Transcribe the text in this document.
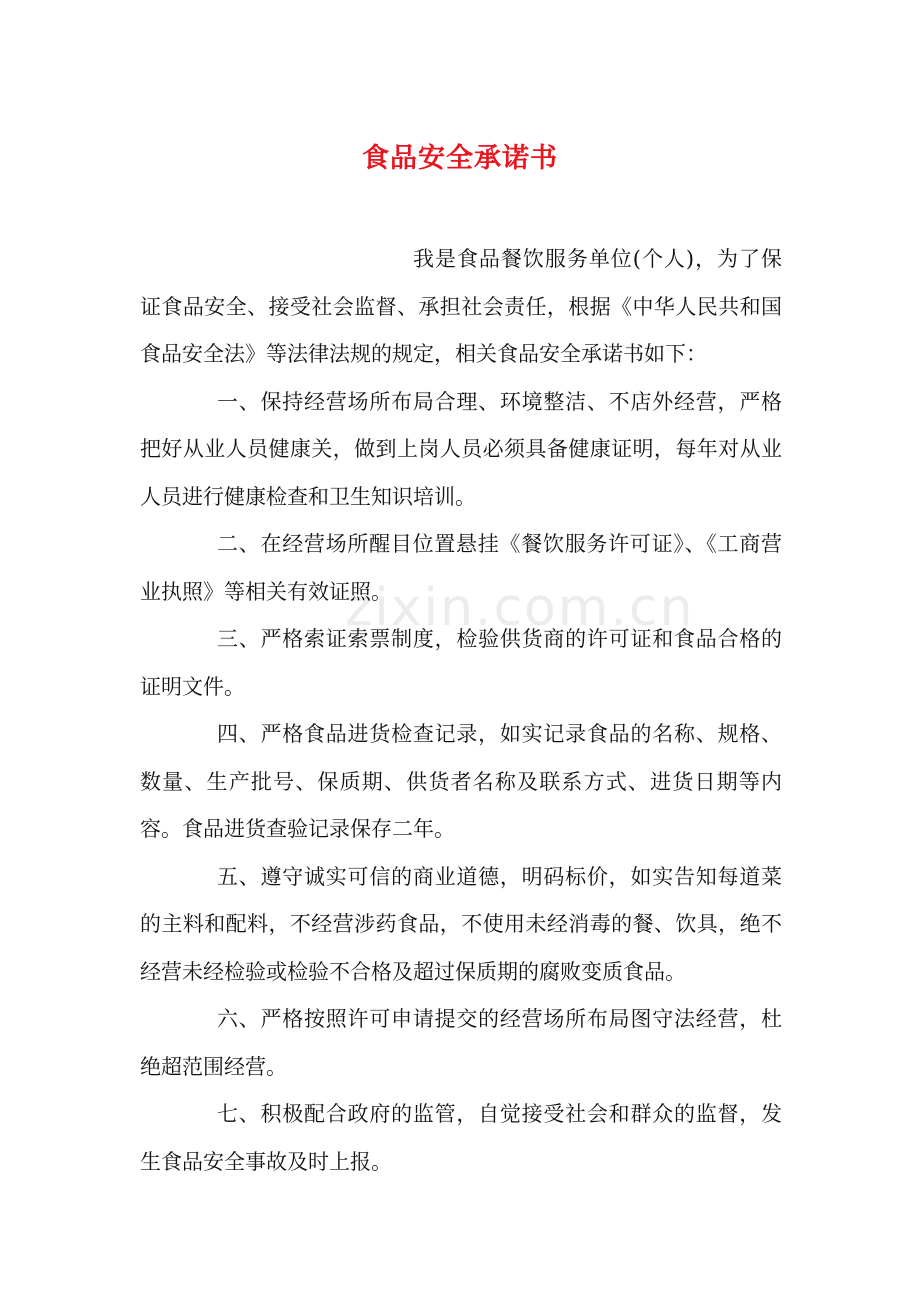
zixin.com.cn
食品安全承诺书

我是食品餐饮服务单位(个人)，为了保证食品安全、接受社会监督、承担社会责任，根据《中华人民共和国食品安全法》等法律法规的规定，相关食品安全承诺书如下：

一、保持经营场所布局合理、环境整洁、不店外经营，严格把好从业人员健康关，做到上岗人员必须具备健康证明，每年对从业人员进行健康检查和卫生知识培训。

二、在经营场所醒目位置悬挂《餐饮服务许可证》、《工商营业执照》等相关有效证照。

三、严格索证索票制度，检验供货商的许可证和食品合格的证明文件。

四、严格食品进货检查记录，如实记录食品的名称、规格、数量、生产批号、保质期、供货者名称及联系方式、进货日期等内容。食品进货查验记录保存二年。

五、遵守诚实可信的商业道德，明码标价，如实告知每道菜的主料和配料，不经营涉药食品，不使用未经消毒的餐、饮具，绝不经营未经检验或检验不合格及超过保质期的腐败变质食品。

六、严格按照许可申请提交的经营场所布局图守法经营，杜绝超范围经营。

七、积极配合政府的监管，自觉接受社会和群众的监督，发生食品安全事故及时上报。
